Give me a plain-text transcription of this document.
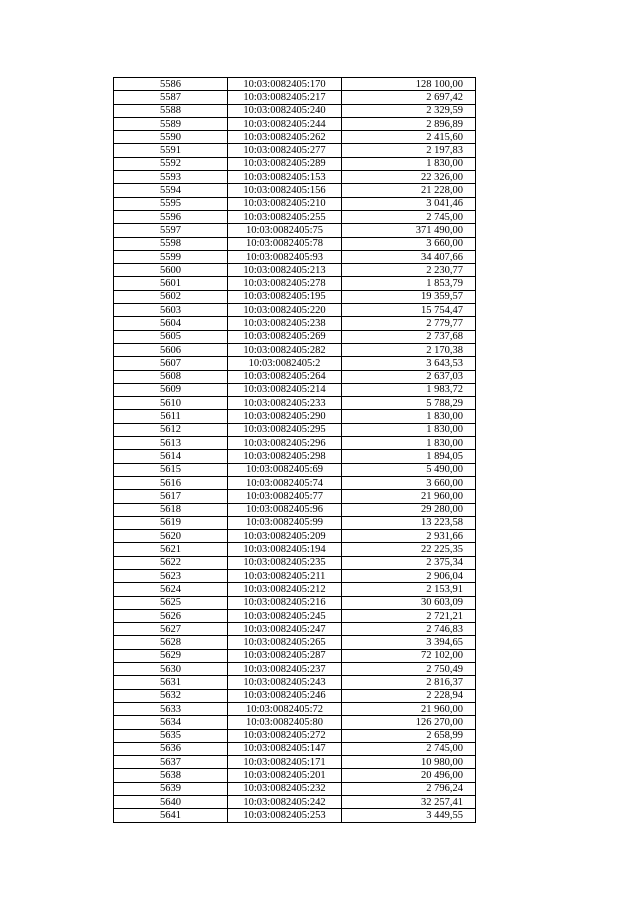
5586	10:03:0082405:170	128 100,00
5587	10:03:0082405:217	2 697,42
5588	10:03:0082405:240	2 329,59
5589	10:03:0082405:244	2 896,89
5590	10:03:0082405:262	2 415,60
5591	10:03:0082405:277	2 197,83
5592	10:03:0082405:289	1 830,00
5593	10:03:0082405:153	22 326,00
5594	10:03:0082405:156	21 228,00
5595	10:03:0082405:210	3 041,46
5596	10:03:0082405:255	2 745,00
5597	10:03:0082405:75	371 490,00
5598	10:03:0082405:78	3 660,00
5599	10:03:0082405:93	34 407,66
5600	10:03:0082405:213	2 230,77
5601	10:03:0082405:278	1 853,79
5602	10:03:0082405:195	19 359,57
5603	10:03:0082405:220	15 754,47
5604	10:03:0082405:238	2 779,77
5605	10:03:0082405:269	2 737,68
5606	10:03:0082405:282	2 170,38
5607	10:03:0082405:2	3 643,53
5608	10:03:0082405:264	2 637,03
5609	10:03:0082405:214	1 983,72
5610	10:03:0082405:233	5 788,29
5611	10:03:0082405:290	1 830,00
5612	10:03:0082405:295	1 830,00
5613	10:03:0082405:296	1 830,00
5614	10:03:0082405:298	1 894,05
5615	10:03:0082405:69	5 490,00
5616	10:03:0082405:74	3 660,00
5617	10:03:0082405:77	21 960,00
5618	10:03:0082405:96	29 280,00
5619	10:03:0082405:99	13 223,58
5620	10:03:0082405:209	2 931,66
5621	10:03:0082405:194	22 225,35
5622	10:03:0082405:235	2 375,34
5623	10:03:0082405:211	2 906,04
5624	10:03:0082405:212	2 153,91
5625	10:03:0082405:216	30 603,09
5626	10:03:0082405:245	2 721,21
5627	10:03:0082405:247	2 746,83
5628	10:03:0082405:265	3 394,65
5629	10:03:0082405:287	72 102,00
5630	10:03:0082405:237	2 750,49
5631	10:03:0082405:243	2 816,37
5632	10:03:0082405:246	2 228,94
5633	10:03:0082405:72	21 960,00
5634	10:03:0082405:80	126 270,00
5635	10:03:0082405:272	2 658,99
5636	10:03:0082405:147	2 745,00
5637	10:03:0082405:171	10 980,00
5638	10:03:0082405:201	20 496,00
5639	10:03:0082405:232	2 796,24
5640	10:03:0082405:242	32 257,41
5641	10:03:0082405:253	3 449,55
